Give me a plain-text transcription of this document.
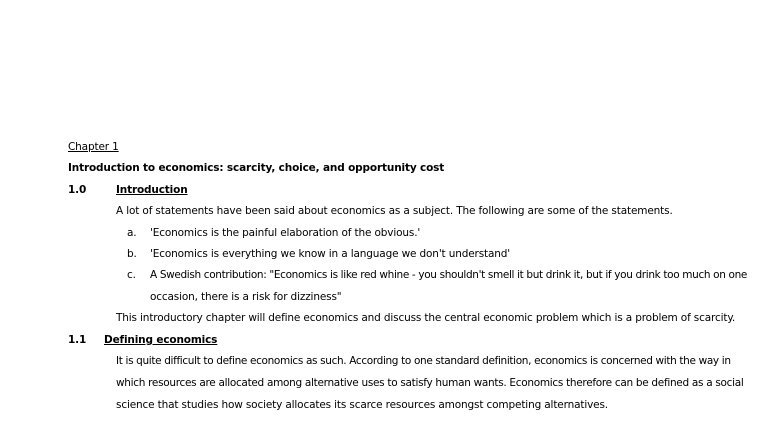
Chapter 1
Introduction to economics: scarcity, choice, and opportunity cost
1.0	Introduction
A lot of statements have been said about economics as a subject. The following are some of the statements.
a. 'Economics is the painful elaboration of the obvious.'
b. 'Economics is everything we know in a language we don't understand'
c. A Swedish contribution: "Economics is like red whine - you shouldn't smell it but drink it, but if you drink too much on one
occasion, there is a risk for dizziness"
This introductory chapter will define economics and discuss the central economic problem which is a problem of scarcity.
1.1 Defining economics
It is quite difficult to define economics as such. According to one standard definition, economics is concerned with the way in
which resources are allocated among alternative uses to satisfy human wants. Economics therefore can be defined as a social
science that studies how society allocates its scarce resources amongst competing alternatives.
